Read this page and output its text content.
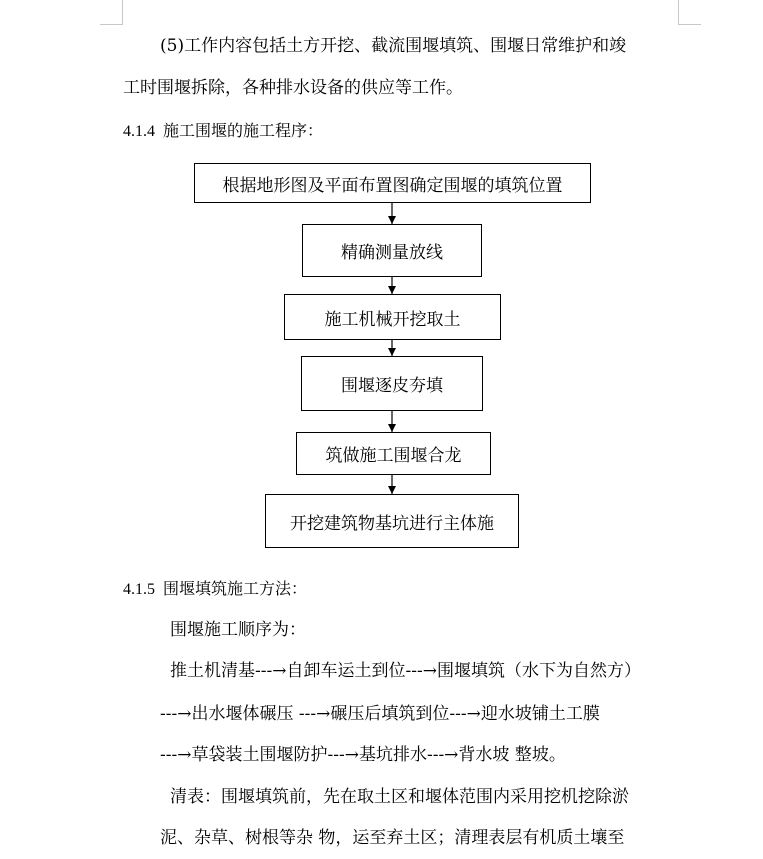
(5)工作内容包括土方开挖、截流围堰填筑、围堰日常维护和竣
工时围堰拆除，各种排水设备的供应等工作。
4.1.4 施工围堰的施工程序：
根据地形图及平面布置图确定围堰的填筑位置
精确测量放线
施工机械开挖取土
围堰逐皮夯填
筑做施工围堰合龙
开挖建筑物基坑进行主体施
4.1.5 围堰填筑施工方法：
围堰施工顺序为：
推土机清基---→自卸车运土到位---→围堰填筑（水下为自然方）
---→出水堰体碾压 ---→碾压后填筑到位---→迎水坡铺土工膜
---→草袋装土围堰防护---→基坑排水---→背水坡 整坡。
清表：围堰填筑前，先在取土区和堰体范围内采用挖机挖除淤
泥、杂草、树根等杂 物，运至弃土区；清理表层有机质土壤至
